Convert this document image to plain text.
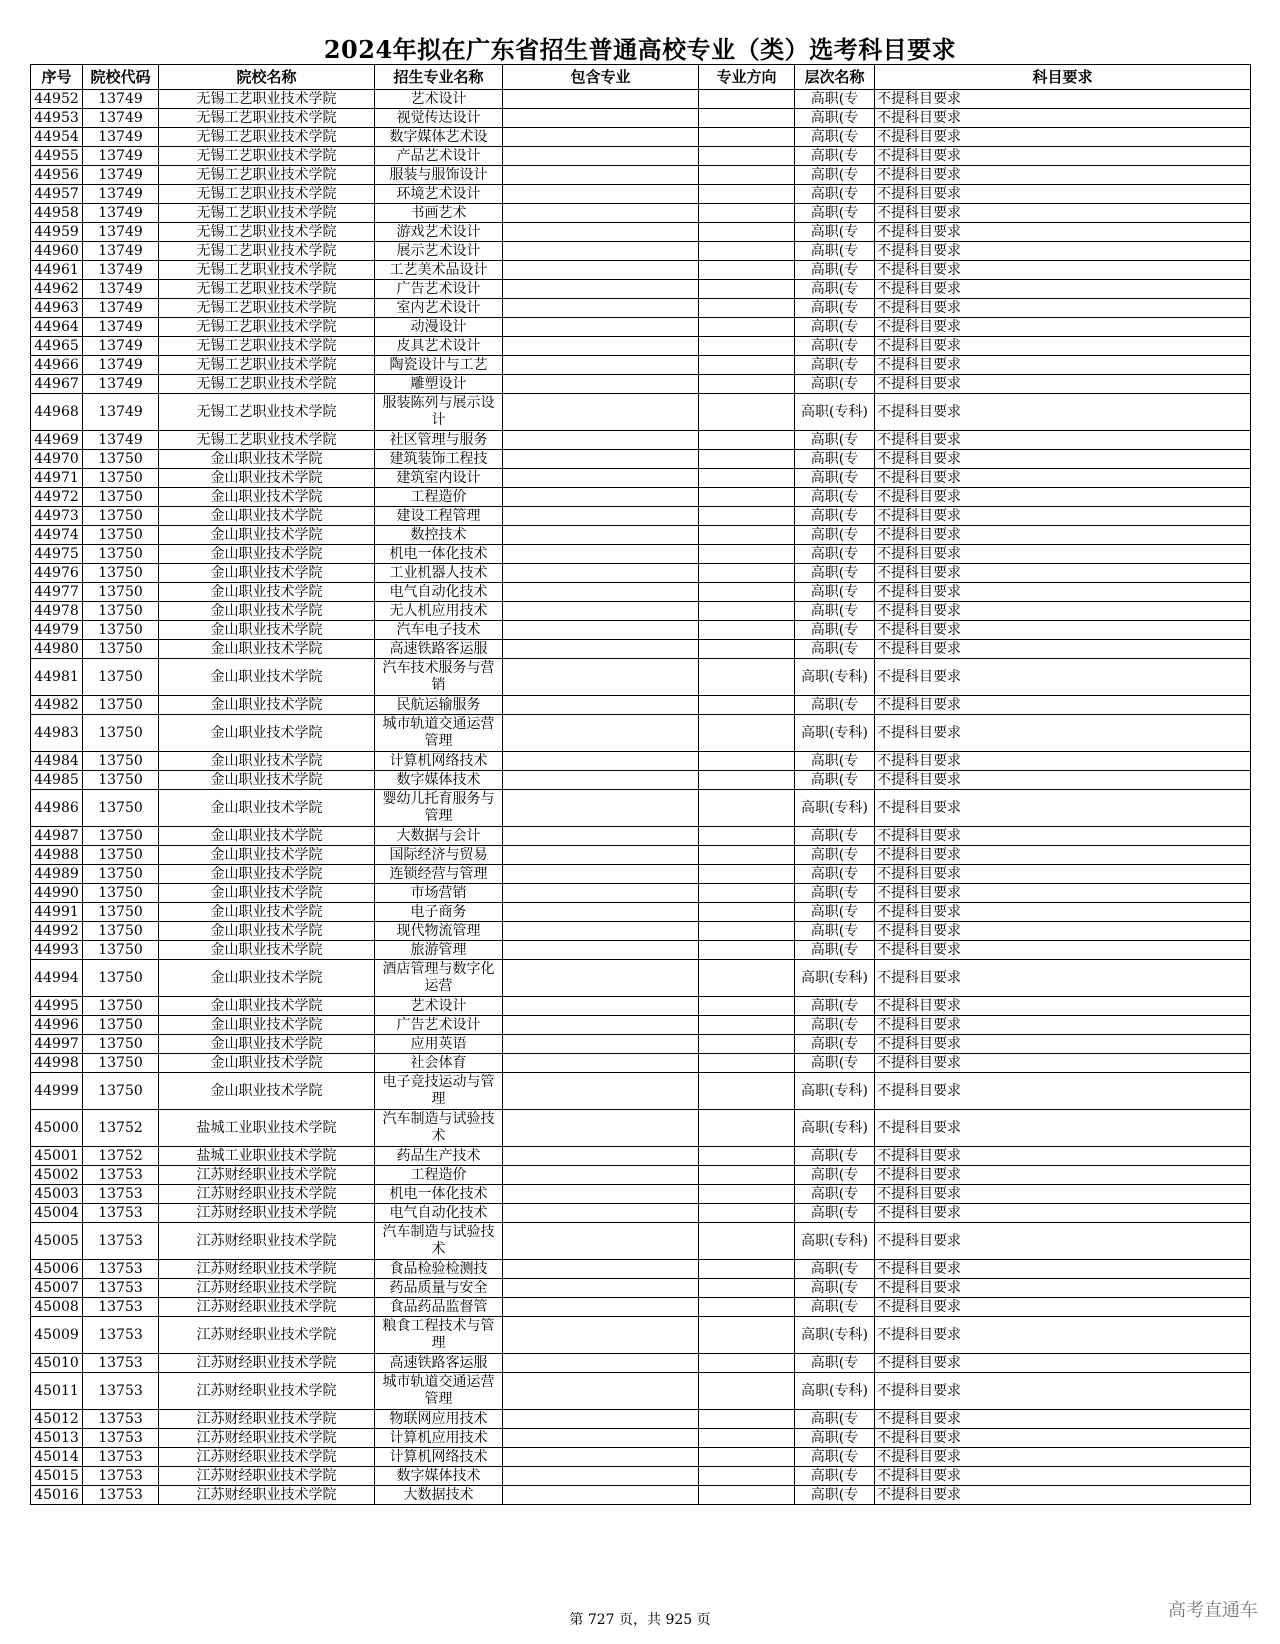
2024年拟在广东省招生普通高校专业（类）选考科目要求
序号	院校代码	院校名称	招生专业名称	包含专业	专业方向	层次名称	科目要求
44952	13749	无锡工艺职业技术学院	艺术设计			高职(专	不提科目要求
44953	13749	无锡工艺职业技术学院	视觉传达设计			高职(专	不提科目要求
44954	13749	无锡工艺职业技术学院	数字媒体艺术设			高职(专	不提科目要求
44955	13749	无锡工艺职业技术学院	产品艺术设计			高职(专	不提科目要求
44956	13749	无锡工艺职业技术学院	服装与服饰设计			高职(专	不提科目要求
44957	13749	无锡工艺职业技术学院	环境艺术设计			高职(专	不提科目要求
44958	13749	无锡工艺职业技术学院	书画艺术			高职(专	不提科目要求
44959	13749	无锡工艺职业技术学院	游戏艺术设计			高职(专	不提科目要求
44960	13749	无锡工艺职业技术学院	展示艺术设计			高职(专	不提科目要求
44961	13749	无锡工艺职业技术学院	工艺美术品设计			高职(专	不提科目要求
44962	13749	无锡工艺职业技术学院	广告艺术设计			高职(专	不提科目要求
44963	13749	无锡工艺职业技术学院	室内艺术设计			高职(专	不提科目要求
44964	13749	无锡工艺职业技术学院	动漫设计			高职(专	不提科目要求
44965	13749	无锡工艺职业技术学院	皮具艺术设计			高职(专	不提科目要求
44966	13749	无锡工艺职业技术学院	陶瓷设计与工艺			高职(专	不提科目要求
44967	13749	无锡工艺职业技术学院	雕塑设计			高职(专	不提科目要求
44968	13749	无锡工艺职业技术学院	服装陈列与展示设计			高职(专科)	不提科目要求
44969	13749	无锡工艺职业技术学院	社区管理与服务			高职(专	不提科目要求
44970	13750	金山职业技术学院	建筑装饰工程技			高职(专	不提科目要求
44971	13750	金山职业技术学院	建筑室内设计			高职(专	不提科目要求
44972	13750	金山职业技术学院	工程造价			高职(专	不提科目要求
44973	13750	金山职业技术学院	建设工程管理			高职(专	不提科目要求
44974	13750	金山职业技术学院	数控技术			高职(专	不提科目要求
44975	13750	金山职业技术学院	机电一体化技术			高职(专	不提科目要求
44976	13750	金山职业技术学院	工业机器人技术			高职(专	不提科目要求
44977	13750	金山职业技术学院	电气自动化技术			高职(专	不提科目要求
44978	13750	金山职业技术学院	无人机应用技术			高职(专	不提科目要求
44979	13750	金山职业技术学院	汽车电子技术			高职(专	不提科目要求
44980	13750	金山职业技术学院	高速铁路客运服			高职(专	不提科目要求
44981	13750	金山职业技术学院	汽车技术服务与营销			高职(专科)	不提科目要求
44982	13750	金山职业技术学院	民航运输服务			高职(专	不提科目要求
44983	13750	金山职业技术学院	城市轨道交通运营管理			高职(专科)	不提科目要求
44984	13750	金山职业技术学院	计算机网络技术			高职(专	不提科目要求
44985	13750	金山职业技术学院	数字媒体技术			高职(专	不提科目要求
44986	13750	金山职业技术学院	婴幼儿托育服务与管理			高职(专科)	不提科目要求
44987	13750	金山职业技术学院	大数据与会计			高职(专	不提科目要求
44988	13750	金山职业技术学院	国际经济与贸易			高职(专	不提科目要求
44989	13750	金山职业技术学院	连锁经营与管理			高职(专	不提科目要求
44990	13750	金山职业技术学院	市场营销			高职(专	不提科目要求
44991	13750	金山职业技术学院	电子商务			高职(专	不提科目要求
44992	13750	金山职业技术学院	现代物流管理			高职(专	不提科目要求
44993	13750	金山职业技术学院	旅游管理			高职(专	不提科目要求
44994	13750	金山职业技术学院	酒店管理与数字化运营			高职(专科)	不提科目要求
44995	13750	金山职业技术学院	艺术设计			高职(专	不提科目要求
44996	13750	金山职业技术学院	广告艺术设计			高职(专	不提科目要求
44997	13750	金山职业技术学院	应用英语			高职(专	不提科目要求
44998	13750	金山职业技术学院	社会体育			高职(专	不提科目要求
44999	13750	金山职业技术学院	电子竞技运动与管理			高职(专科)	不提科目要求
45000	13752	盐城工业职业技术学院	汽车制造与试验技术			高职(专科)	不提科目要求
45001	13752	盐城工业职业技术学院	药品生产技术			高职(专	不提科目要求
45002	13753	江苏财经职业技术学院	工程造价			高职(专	不提科目要求
45003	13753	江苏财经职业技术学院	机电一体化技术			高职(专	不提科目要求
45004	13753	江苏财经职业技术学院	电气自动化技术			高职(专	不提科目要求
45005	13753	江苏财经职业技术学院	汽车制造与试验技术			高职(专科)	不提科目要求
45006	13753	江苏财经职业技术学院	食品检验检测技			高职(专	不提科目要求
45007	13753	江苏财经职业技术学院	药品质量与安全			高职(专	不提科目要求
45008	13753	江苏财经职业技术学院	食品药品监督管			高职(专	不提科目要求
45009	13753	江苏财经职业技术学院	粮食工程技术与管理			高职(专科)	不提科目要求
45010	13753	江苏财经职业技术学院	高速铁路客运服			高职(专	不提科目要求
45011	13753	江苏财经职业技术学院	城市轨道交通运营管理			高职(专科)	不提科目要求
45012	13753	江苏财经职业技术学院	物联网应用技术			高职(专	不提科目要求
45013	13753	江苏财经职业技术学院	计算机应用技术			高职(专	不提科目要求
45014	13753	江苏财经职业技术学院	计算机网络技术			高职(专	不提科目要求
45015	13753	江苏财经职业技术学院	数字媒体技术			高职(专	不提科目要求
45016	13753	江苏财经职业技术学院	大数据技术			高职(专	不提科目要求
第 727 页，共 925 页	高考直通车
